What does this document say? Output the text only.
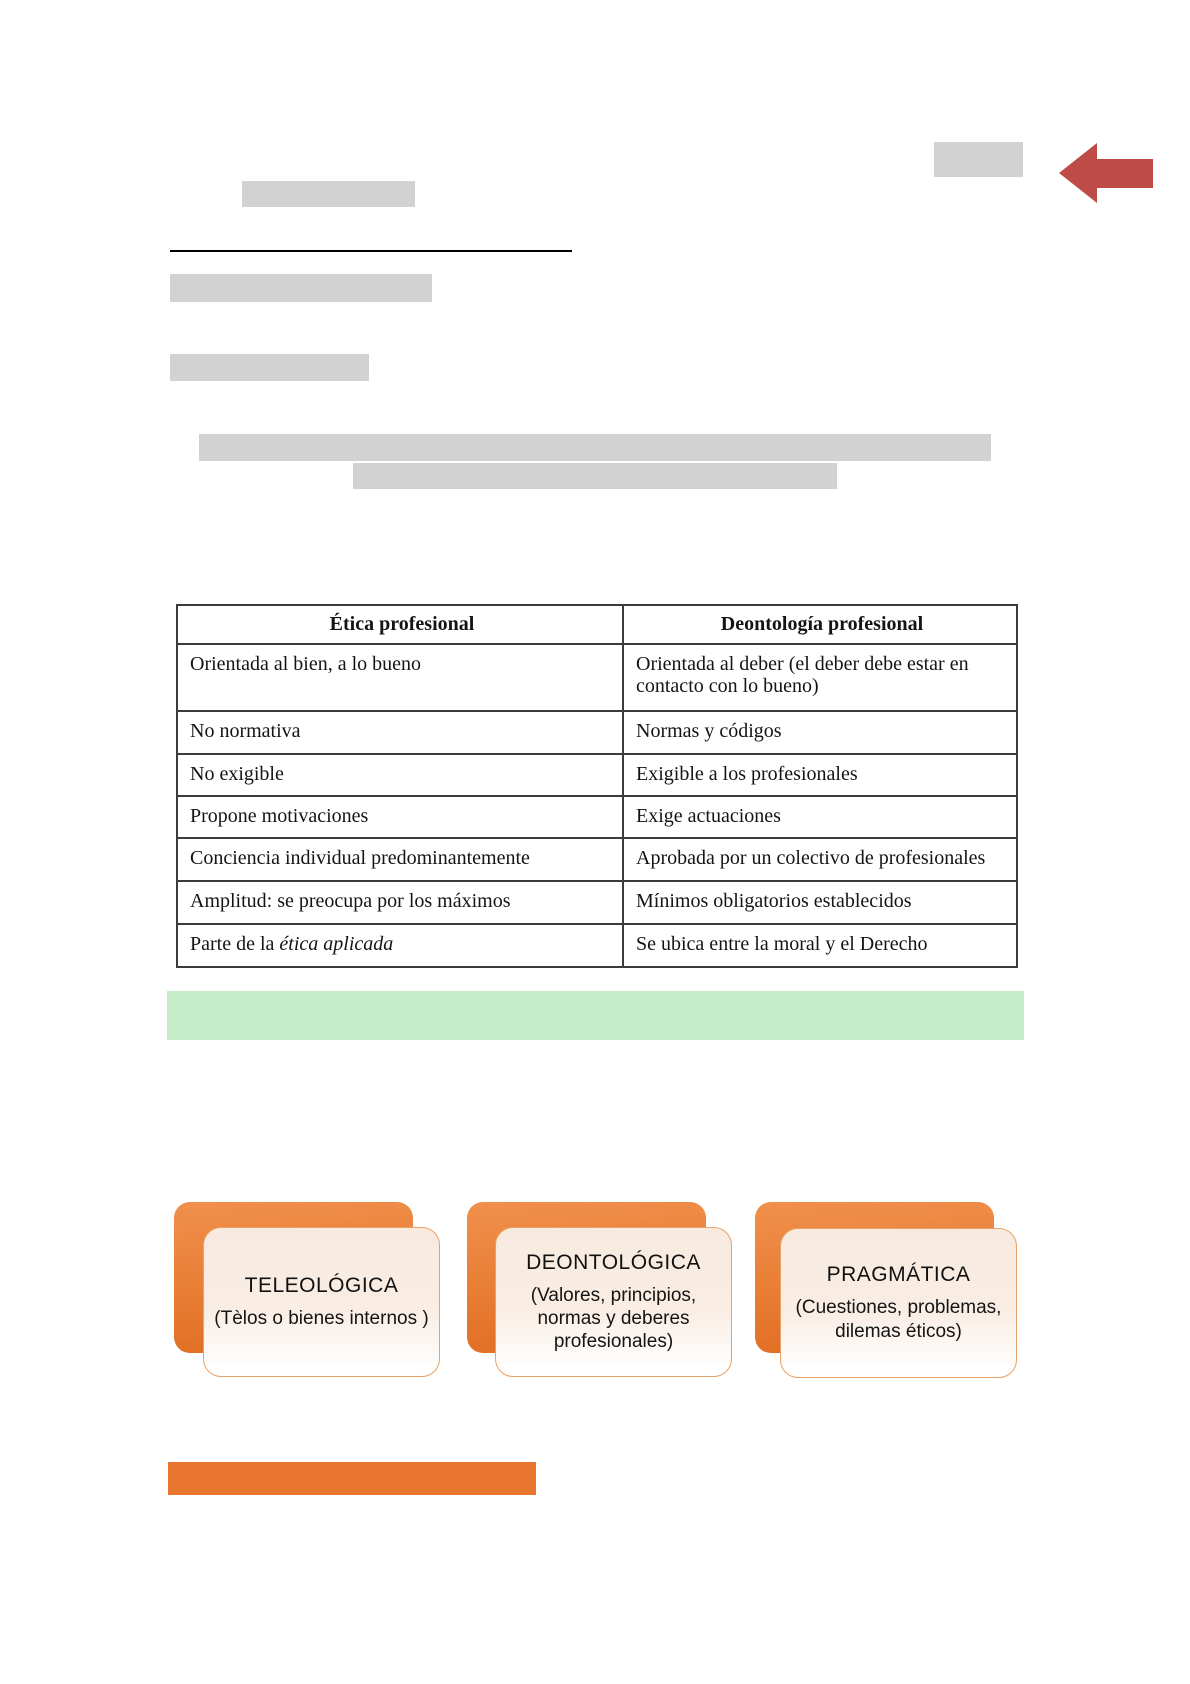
Ética profesional	Deontología profesional
Orientada al bien, a lo bueno	Orientada al deber (el deber debe estar en contacto con lo bueno)
No normativa	Normas y códigos
No exigible	Exigible a los profesionales
Propone motivaciones	Exige actuaciones
Conciencia individual predominantemente	Aprobada por un colectivo de profesionales
Amplitud: se preocupa por los máximos	Mínimos obligatorios establecidos
Parte de la ética aplicada	Se ubica entre la moral y el Derecho
TELEOLÓGICA
(Tèlos o bienes internos )
DEONTOLÓGICA
(Valores, principios, normas y deberes profesionales)
PRAGMÁTICA
(Cuestiones, problemas, dilemas éticos)
